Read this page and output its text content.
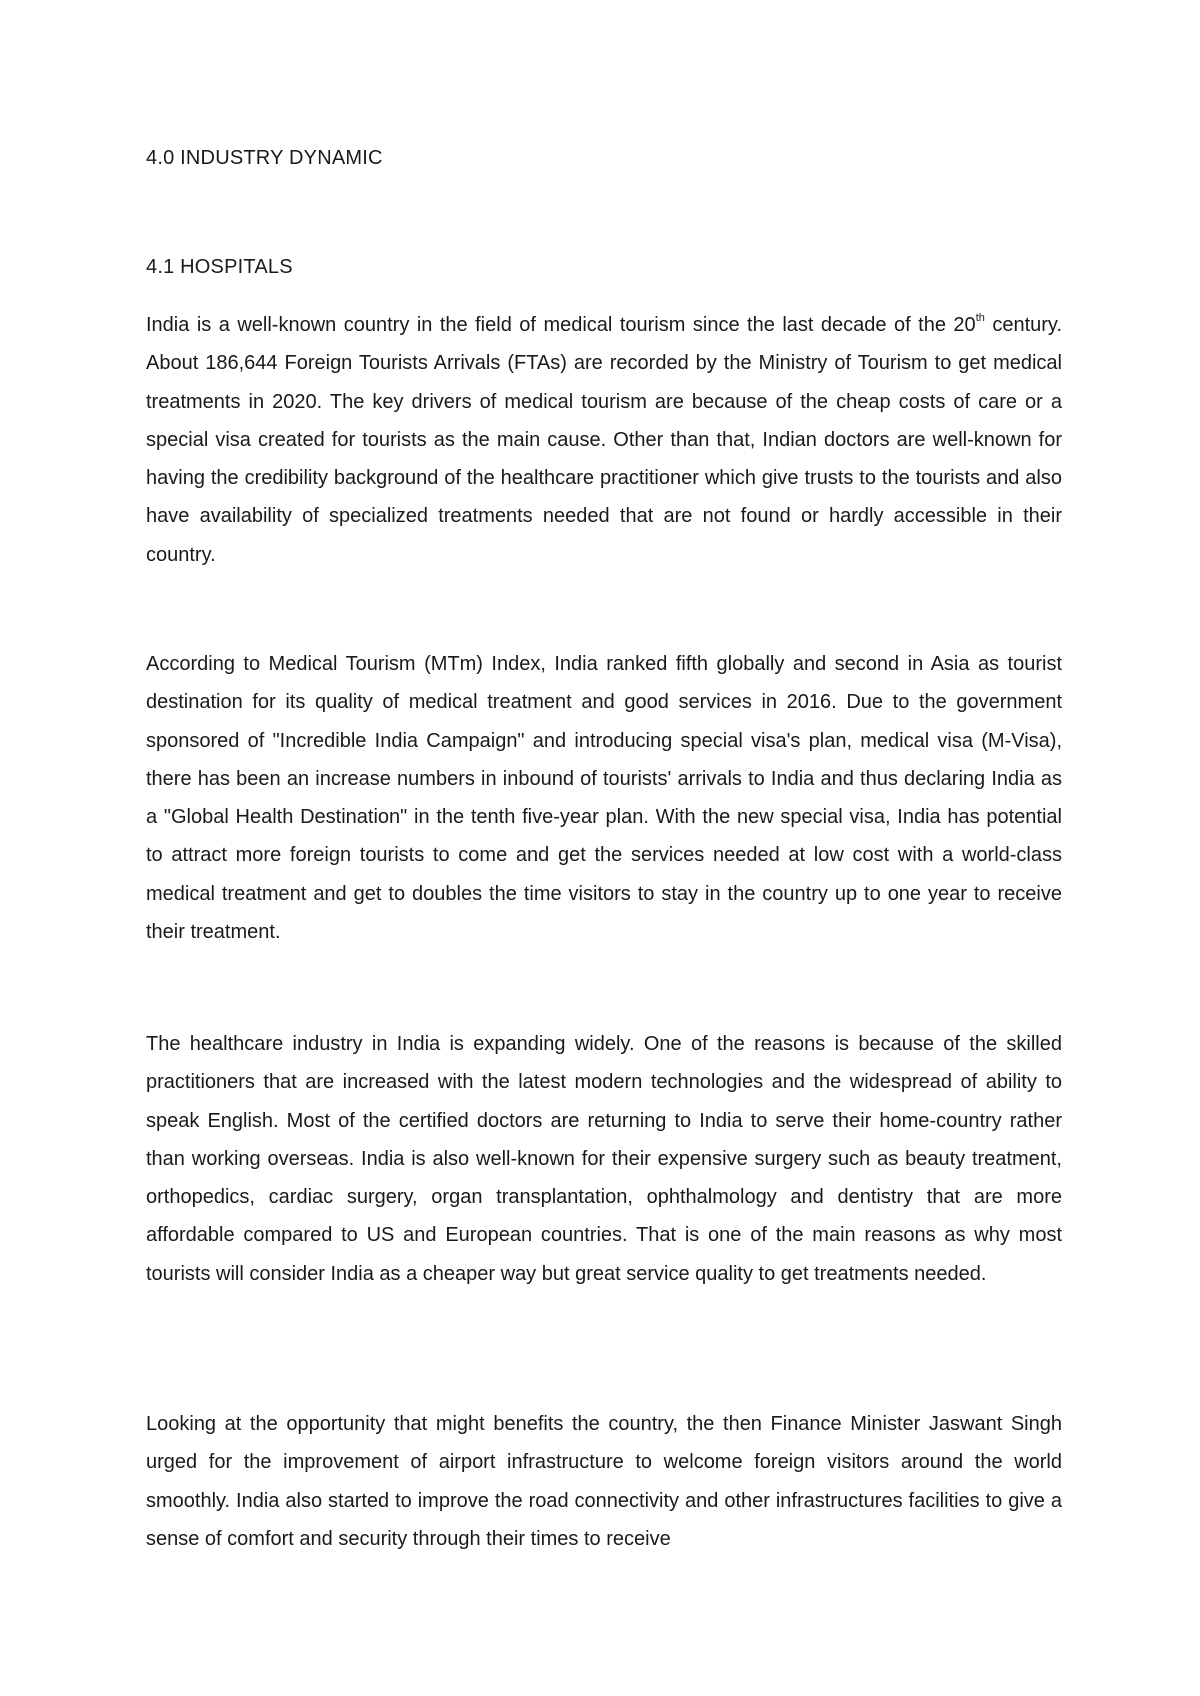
4.0 INDUSTRY DYNAMIC
4.1 HOSPITALS

India is a well-known country in the field of medical tourism since the last decade of the 20th century. About 186,644 Foreign Tourists Arrivals (FTAs) are recorded by the Ministry of Tourism to get medical treatments in 2020. The key drivers of medical tourism are because of the cheap costs of care or a special visa created for tourists as the main cause. Other than that, Indian doctors are well-known for having the credibility background of the healthcare practitioner which give trusts to the tourists and also have availability of specialized treatments needed that are not found or hardly accessible in their country.

According to Medical Tourism (MTm) Index, India ranked fifth globally and second in Asia as tourist destination for its quality of medical treatment and good services in 2016. Due to the government sponsored of "Incredible India Campaign" and introducing special visa's plan, medical visa (M-Visa), there has been an increase numbers in inbound of tourists' arrivals to India and thus declaring India as a "Global Health Destination" in the tenth five-year plan. With the new special visa, India has potential to attract more foreign tourists to come and get the services needed at low cost with a world-class medical treatment and get to doubles the time visitors to stay in the country up to one year to receive their treatment.

The healthcare industry in India is expanding widely. One of the reasons is because of the skilled practitioners that are increased with the latest modern technologies and the widespread of ability to speak English. Most of the certified doctors are returning to India to serve their home-country rather than working overseas. India is also well-known for their expensive surgery such as beauty treatment, orthopedics, cardiac surgery, organ transplantation, ophthalmology and dentistry that are more affordable compared to US and European countries. That is one of the main reasons as why most tourists will consider India as a cheaper way but great service quality to get treatments needed.

Looking at the opportunity that might benefits the country, the then Finance Minister Jaswant Singh urged for the improvement of airport infrastructure to welcome foreign visitors around the world smoothly. India also started to improve the road connectivity and other infrastructures facilities to give a sense of comfort and security through their times to receive
